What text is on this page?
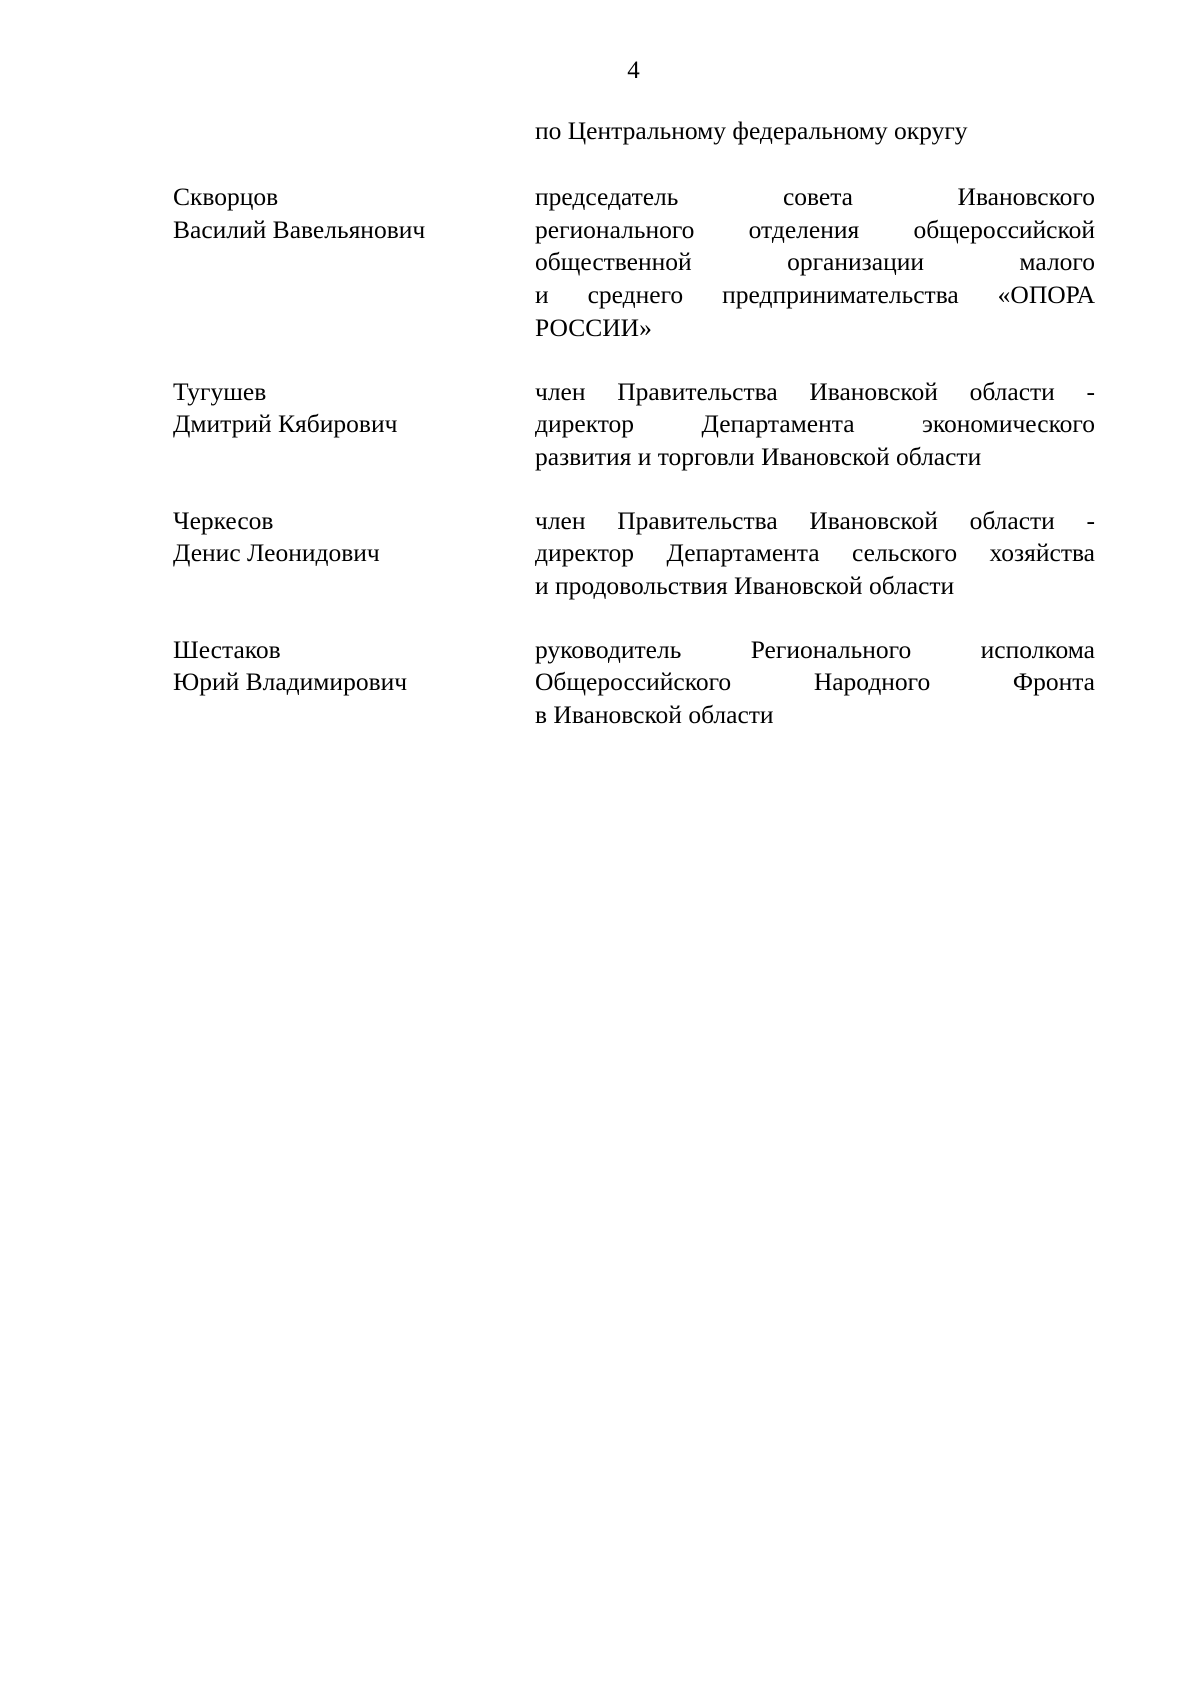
4
по Центральному федеральному округу
Скворцов
Василий Вавельянович
председатель совета Ивановского
регионального отделения общероссийской
общественной организации малого
и среднего предпринимательства «ОПОРА
РОССИИ»
Тугушев
Дмитрий Кябирович
член Правительства Ивановской области -
директор Департамента экономического
развития и торговли Ивановской области
Черкесов
Денис Леонидович
член Правительства Ивановской области -
директор Департамента сельского хозяйства
и продовольствия Ивановской области
Шестаков
Юрий Владимирович
руководитель Регионального исполкома
Общероссийского Народного Фронта
в Ивановской области
